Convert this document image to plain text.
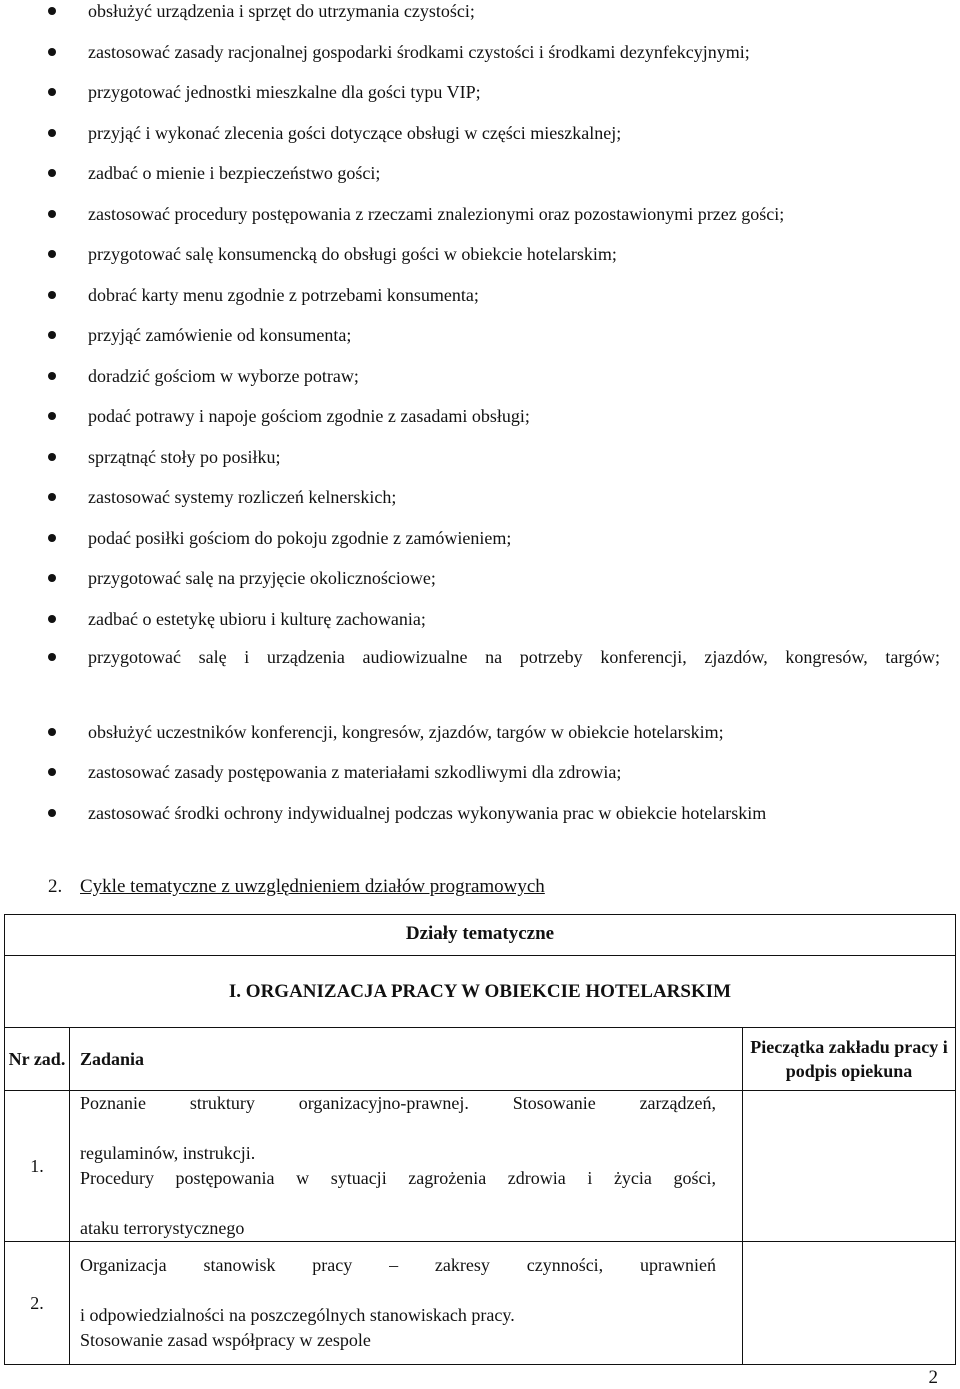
obsłużyć urządzenia i sprzęt do utrzymania czystości;
zastosować zasady racjonalnej gospodarki środkami czystości i środkami dezynfekcyjnymi;
przygotować jednostki mieszkalne dla gości typu VIP;
przyjąć i wykonać zlecenia gości dotyczące obsługi w części mieszkalnej;
zadbać o mienie i bezpieczeństwo gości;
zastosować procedury postępowania z rzeczami znalezionymi oraz pozostawionymi przez gości;
przygotować salę konsumencką do obsługi gości w obiekcie hotelarskim;
dobrać karty menu zgodnie z potrzebami konsumenta;
przyjąć zamówienie od konsumenta;
doradzić gościom w wyborze potraw;
podać potrawy i napoje gościom zgodnie z zasadami obsługi;
sprzątnąć stoły po posiłku;
zastosować systemy rozliczeń kelnerskich;
podać posiłki gościom do pokoju zgodnie z zamówieniem;
przygotować salę na przyjęcie okolicznościowe;
zadbać o estetykę ubioru i kulturę zachowania;
przygotować salę i urządzenia audiowizualne na potrzeby konferencji, zjazdów, kongresów, targów;
obsłużyć uczestników konferencji, kongresów, zjazdów, targów w obiekcie hotelarskim;
zastosować zasady postępowania z materiałami szkodliwymi dla zdrowia;
zastosować środki ochrony indywidualnej podczas wykonywania prac w obiekcie hotelarskim
2. Cykle tematyczne z uwzględnieniem działów programowych
Działy tematyczne
I. ORGANIZACJA PRACY W OBIEKCIE HOTELARSKIM
Nr zad.	Zadania	Pieczątka zakładu pracy i podpis opiekuna
1.	Poznanie struktury organizacyjno-prawnej. Stosowanie zarządzeń,
regulaminów, instrukcji.
Procedury postępowania w sytuacji zagrożenia zdrowia i życia gości,
ataku terrorystycznego	

2.	Organizacja stanowisk pracy – zakresy czynności, uprawnień
i odpowiedzialności na poszczególnych stanowiskach pracy.
Stosowanie zasad współpracy w zespole	

2
